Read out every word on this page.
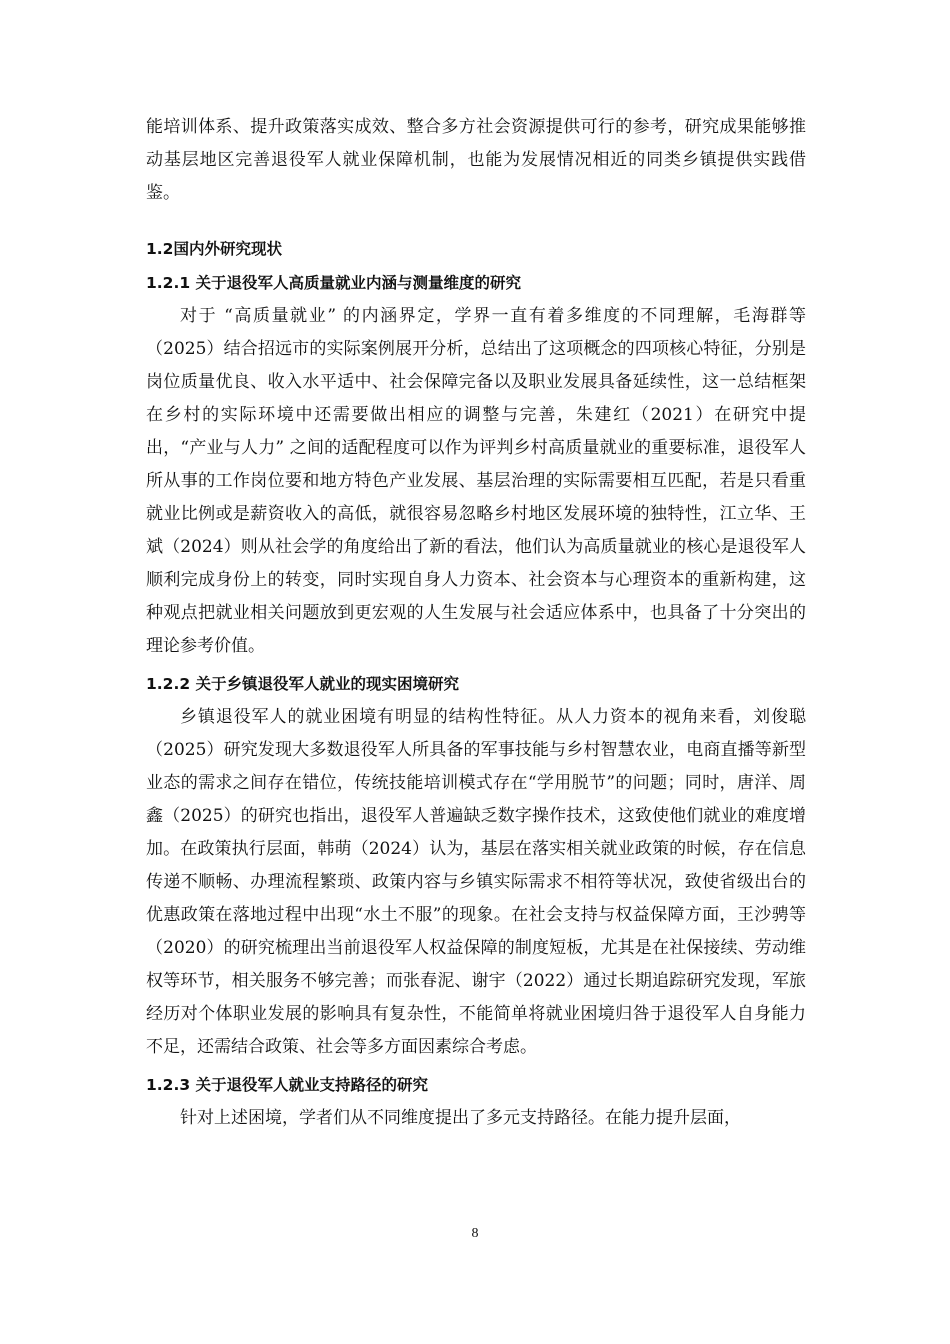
能培训体系、提升政策落实成效、整合多方社会资源提供可行的参考，研究成果能够推动基层地区完善退役军人就业保障机制，也能为发展情况相近的同类乡镇提供实践借鉴。

1.2国内外研究现状
1.2.1 关于退役军人高质量就业内涵与测量维度的研究

对于 “高质量就业” 的内涵界定，学界一直有着多维度的不同理解，毛海群等（2025）结合招远市的实际案例展开分析，总结出了这项概念的四项核心特征，分别是岗位质量优良、收入水平适中、社会保障完备以及职业发展具备延续性，这一总结框架在乡村的实际环境中还需要做出相应的调整与完善，朱建红（2021）在研究中提出，“产业与人力” 之间的适配程度可以作为评判乡村高质量就业的重要标准，退役军人所从事的工作岗位要和地方特色产业发展、基层治理的实际需要相互匹配，若是只看重就业比例或是薪资收入的高低，就很容易忽略乡村地区发展环境的独特性，江立华、王斌（2024）则从社会学的角度给出了新的看法，他们认为高质量就业的核心是退役军人顺利完成身份上的转变，同时实现自身人力资本、社会资本与心理资本的重新构建，这种观点把就业相关问题放到更宏观的人生发展与社会适应体系中，也具备了十分突出的理论参考价值。

1.2.2 关于乡镇退役军人就业的现实困境研究

乡镇退役军人的就业困境有明显的结构性特征。从人力资本的视角来看，刘俊聪（2025）研究发现大多数退役军人所具备的军事技能与乡村智慧农业，电商直播等新型业态的需求之间存在错位，传统技能培训模式存在“学用脱节”的问题；同时，唐洋、周鑫（2025）的研究也指出，退役军人普遍缺乏数字操作技术，这致使他们就业的难度增加。在政策执行层面，韩萌（2024）认为，基层在落实相关就业政策的时候，存在信息传递不顺畅、办理流程繁琐、政策内容与乡镇实际需求不相符等状况，致使省级出台的优惠政策在落地过程中出现“水土不服”的现象。在社会支持与权益保障方面，王沙骋等（2020）的研究梳理出当前退役军人权益保障的制度短板，尤其是在社保接续、劳动维权等环节，相关服务不够完善；而张春泥、谢宇（2022）通过长期追踪研究发现，军旅经历对个体职业发展的影响具有复杂性，不能简单将就业困境归咎于退役军人自身能力不足，还需结合政策、社会等多方面因素综合考虑。

1.2.3 关于退役军人就业支持路径的研究

针对上述困境，学者们从不同维度提出了多元支持路径。在能力提升层面，

8
